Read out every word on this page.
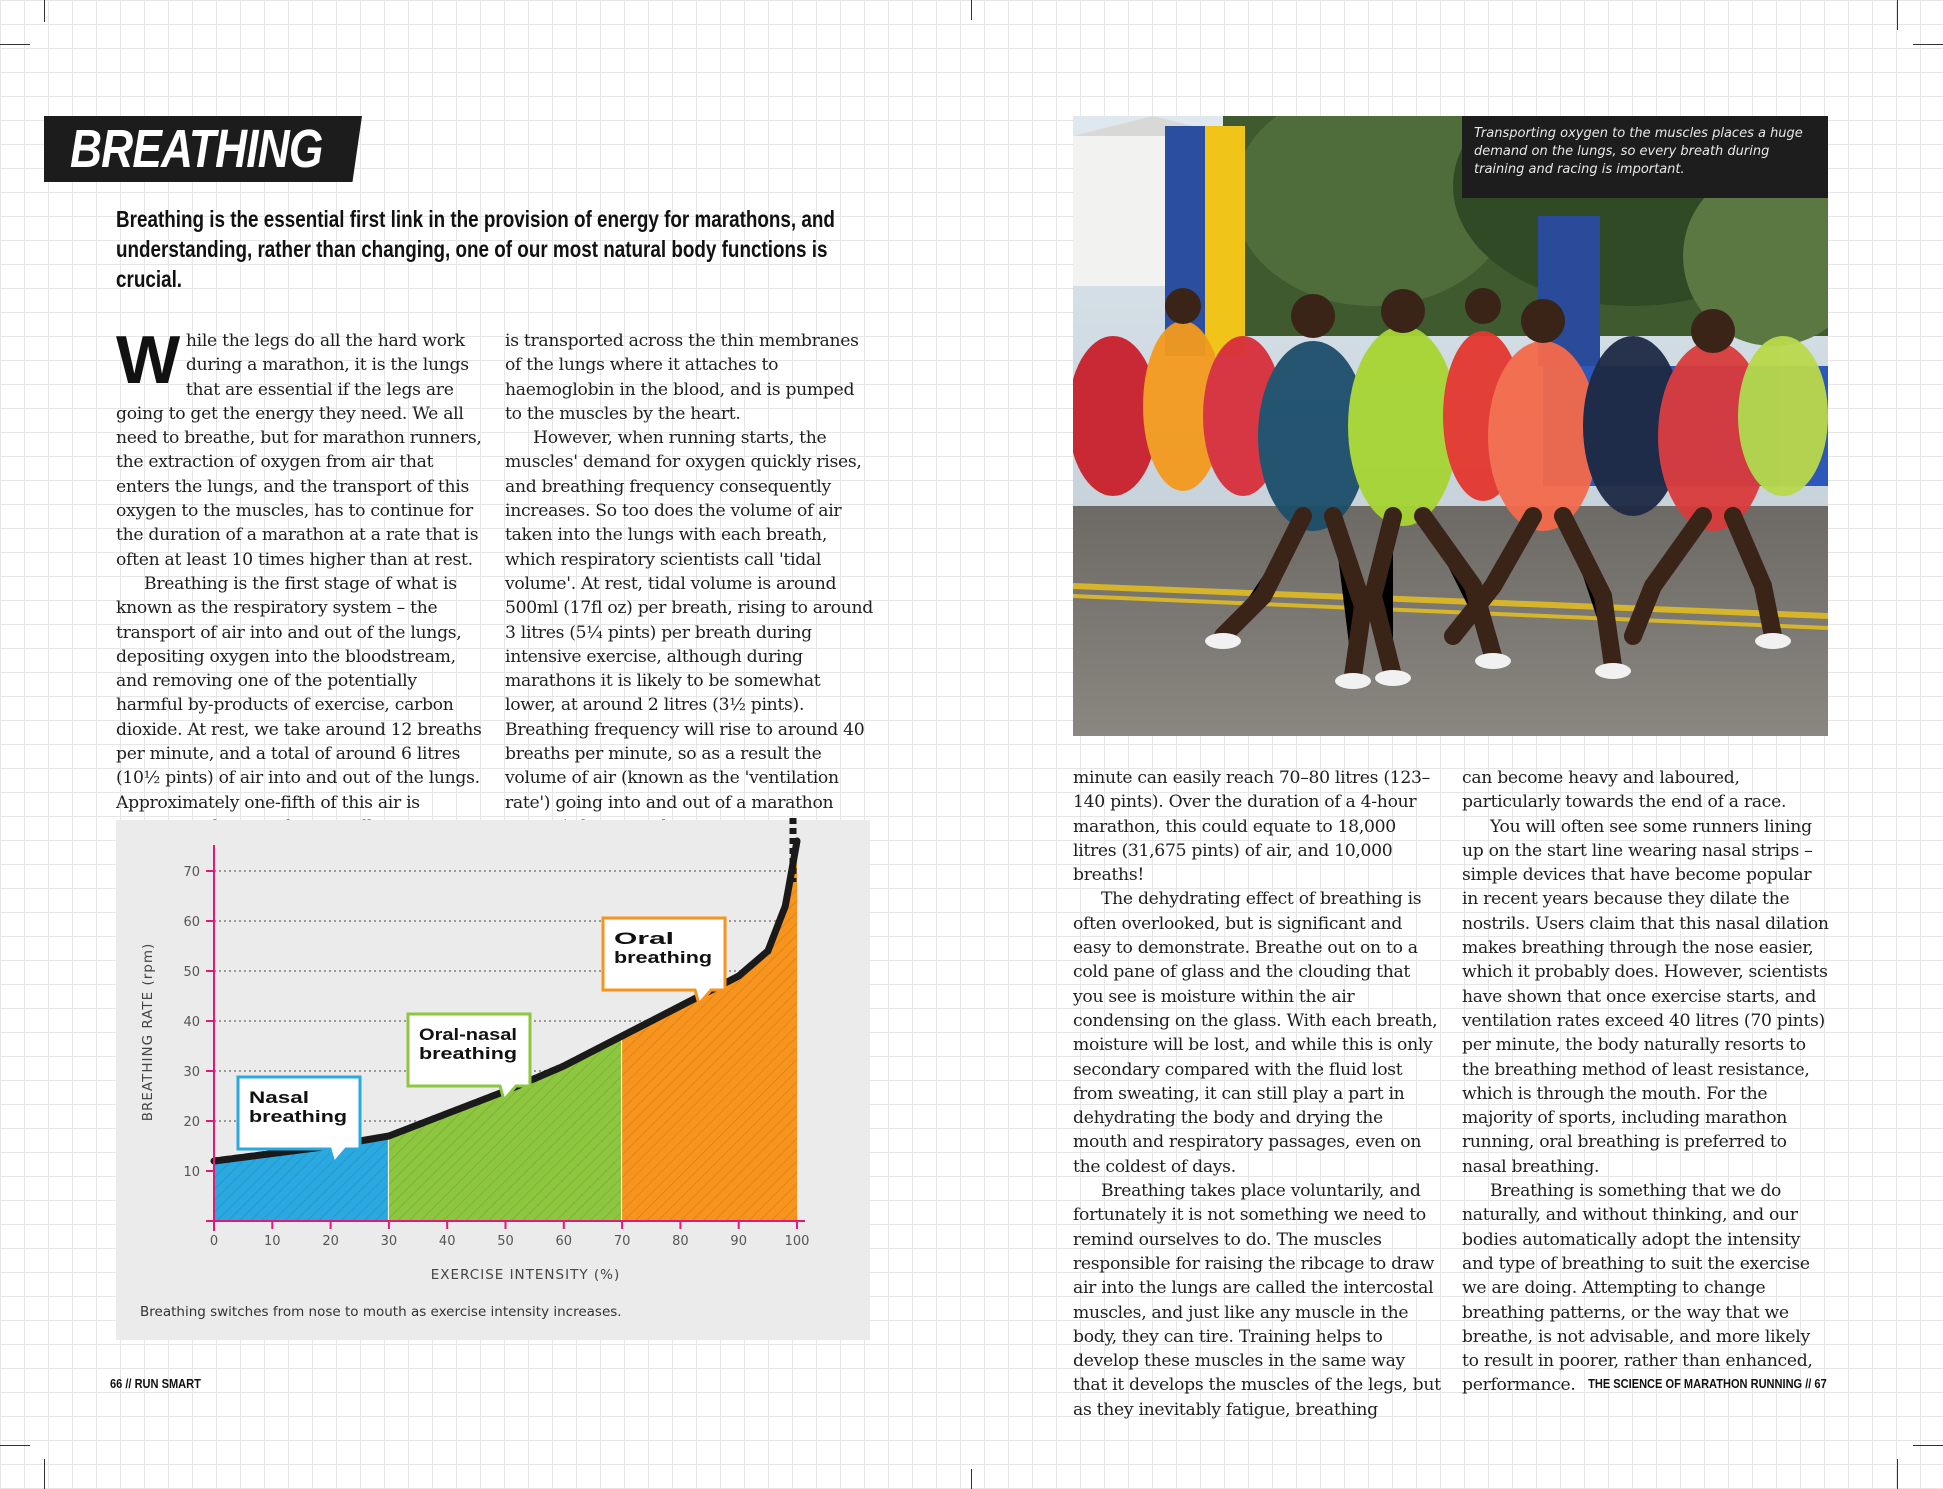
BREATHING
Breathing is the essential first link in the provision of energy for marathons, and understanding, rather than changing, one of our most natural body functions is crucial.

While the legs do all the hard work during a marathon, it is the lungs that are essential if the legs are going to get the energy they need. We all need to breathe, but for marathon runners, the extraction of oxygen from air that enters the lungs, and the transport of this oxygen to the muscles, has to continue for the duration of a marathon at a rate that is often at least 10 times higher than at rest.

Breathing is the first stage of what is known as the respiratory system – the transport of air into and out of the lungs, depositing oxygen into the bloodstream, and removing one of the potentially harmful by-products of exercise, carbon dioxide. At rest, we take around 12 breaths per minute, and a total of around 6 litres (10½ pints) of air into and out of the lungs. Approximately one-fifth of this air is

is transported across the thin membranes of the lungs where it attaches to haemoglobin in the blood, and is pumped to the muscles by the heart.

However, when running starts, the muscles' demand for oxygen quickly rises, and breathing frequency consequently increases. So too does the volume of air taken into the lungs with each breath, which respiratory scientists call 'tidal volume'. At rest, tidal volume is around 500ml (17fl oz) per breath, rising to around 3 litres (5¼ pints) per breath during intensive exercise, although during marathons it is likely to be somewhat lower, at around 2 litres (3½ pints). Breathing frequency will rise to around 40 breaths per minute, so as a result the volume of air (known as the 'ventilation rate') going into and out of a marathon

10
20
30
40
50
60
70
0	10	20	30	40	50	60	70	80	90	100
EXERCISE INTENSITY (%)
BREATHING RATE (rpm)	Nasal
breathing
Oral-nasal
breathing
Oral
breathing
Breathing switches from nose to mouth as exercise intensity increases.
66 // RUN SMART
Transporting oxygen to the muscles places a huge demand on the lungs, so every breath during training and racing is important.

minute can easily reach 70–80 litres (123–140 pints). Over the duration of a 4-hour marathon, this could equate to 18,000 litres (31,675 pints) of air, and 10,000 breaths!

The dehydrating effect of breathing is often overlooked, but is significant and easy to demonstrate. Breathe out on to a cold pane of glass and the clouding that you see is moisture within the air condensing on the glass. With each breath, moisture will be lost, and while this is only secondary compared with the fluid lost from sweating, it can still play a part in dehydrating the body and drying the mouth and respiratory passages, even on the coldest of days.

Breathing takes place voluntarily, and fortunately it is not something we need to remind ourselves to do. The muscles responsible for raising the ribcage to draw air into the lungs are called the intercostal muscles, and just like any muscle in the body, they can tire. Training helps to develop these muscles in the same way that it develops the muscles of the legs, but as they inevitably fatigue, breathing

can become heavy and laboured, particularly towards the end of a race.

You will often see some runners lining up on the start line wearing nasal strips – simple devices that have become popular in recent years because they dilate the nostrils. Users claim that this nasal dilation makes breathing through the nose easier, which it probably does. However, scientists have shown that once exercise starts, and ventilation rates exceed 40 litres (70 pints) per minute, the body naturally resorts to the breathing method of least resistance, which is through the mouth. For the majority of sports, including marathon running, oral breathing is preferred to nasal breathing.

Breathing is something that we do naturally, and without thinking, and our bodies automatically adopt the intensity and type of breathing to suit the exercise we are doing. Attempting to change breathing patterns, or the way that we breathe, is not advisable, and more likely to result in poorer, rather than enhanced, performance. THE SCIENCE OF MARATHON RUNNING // 67
